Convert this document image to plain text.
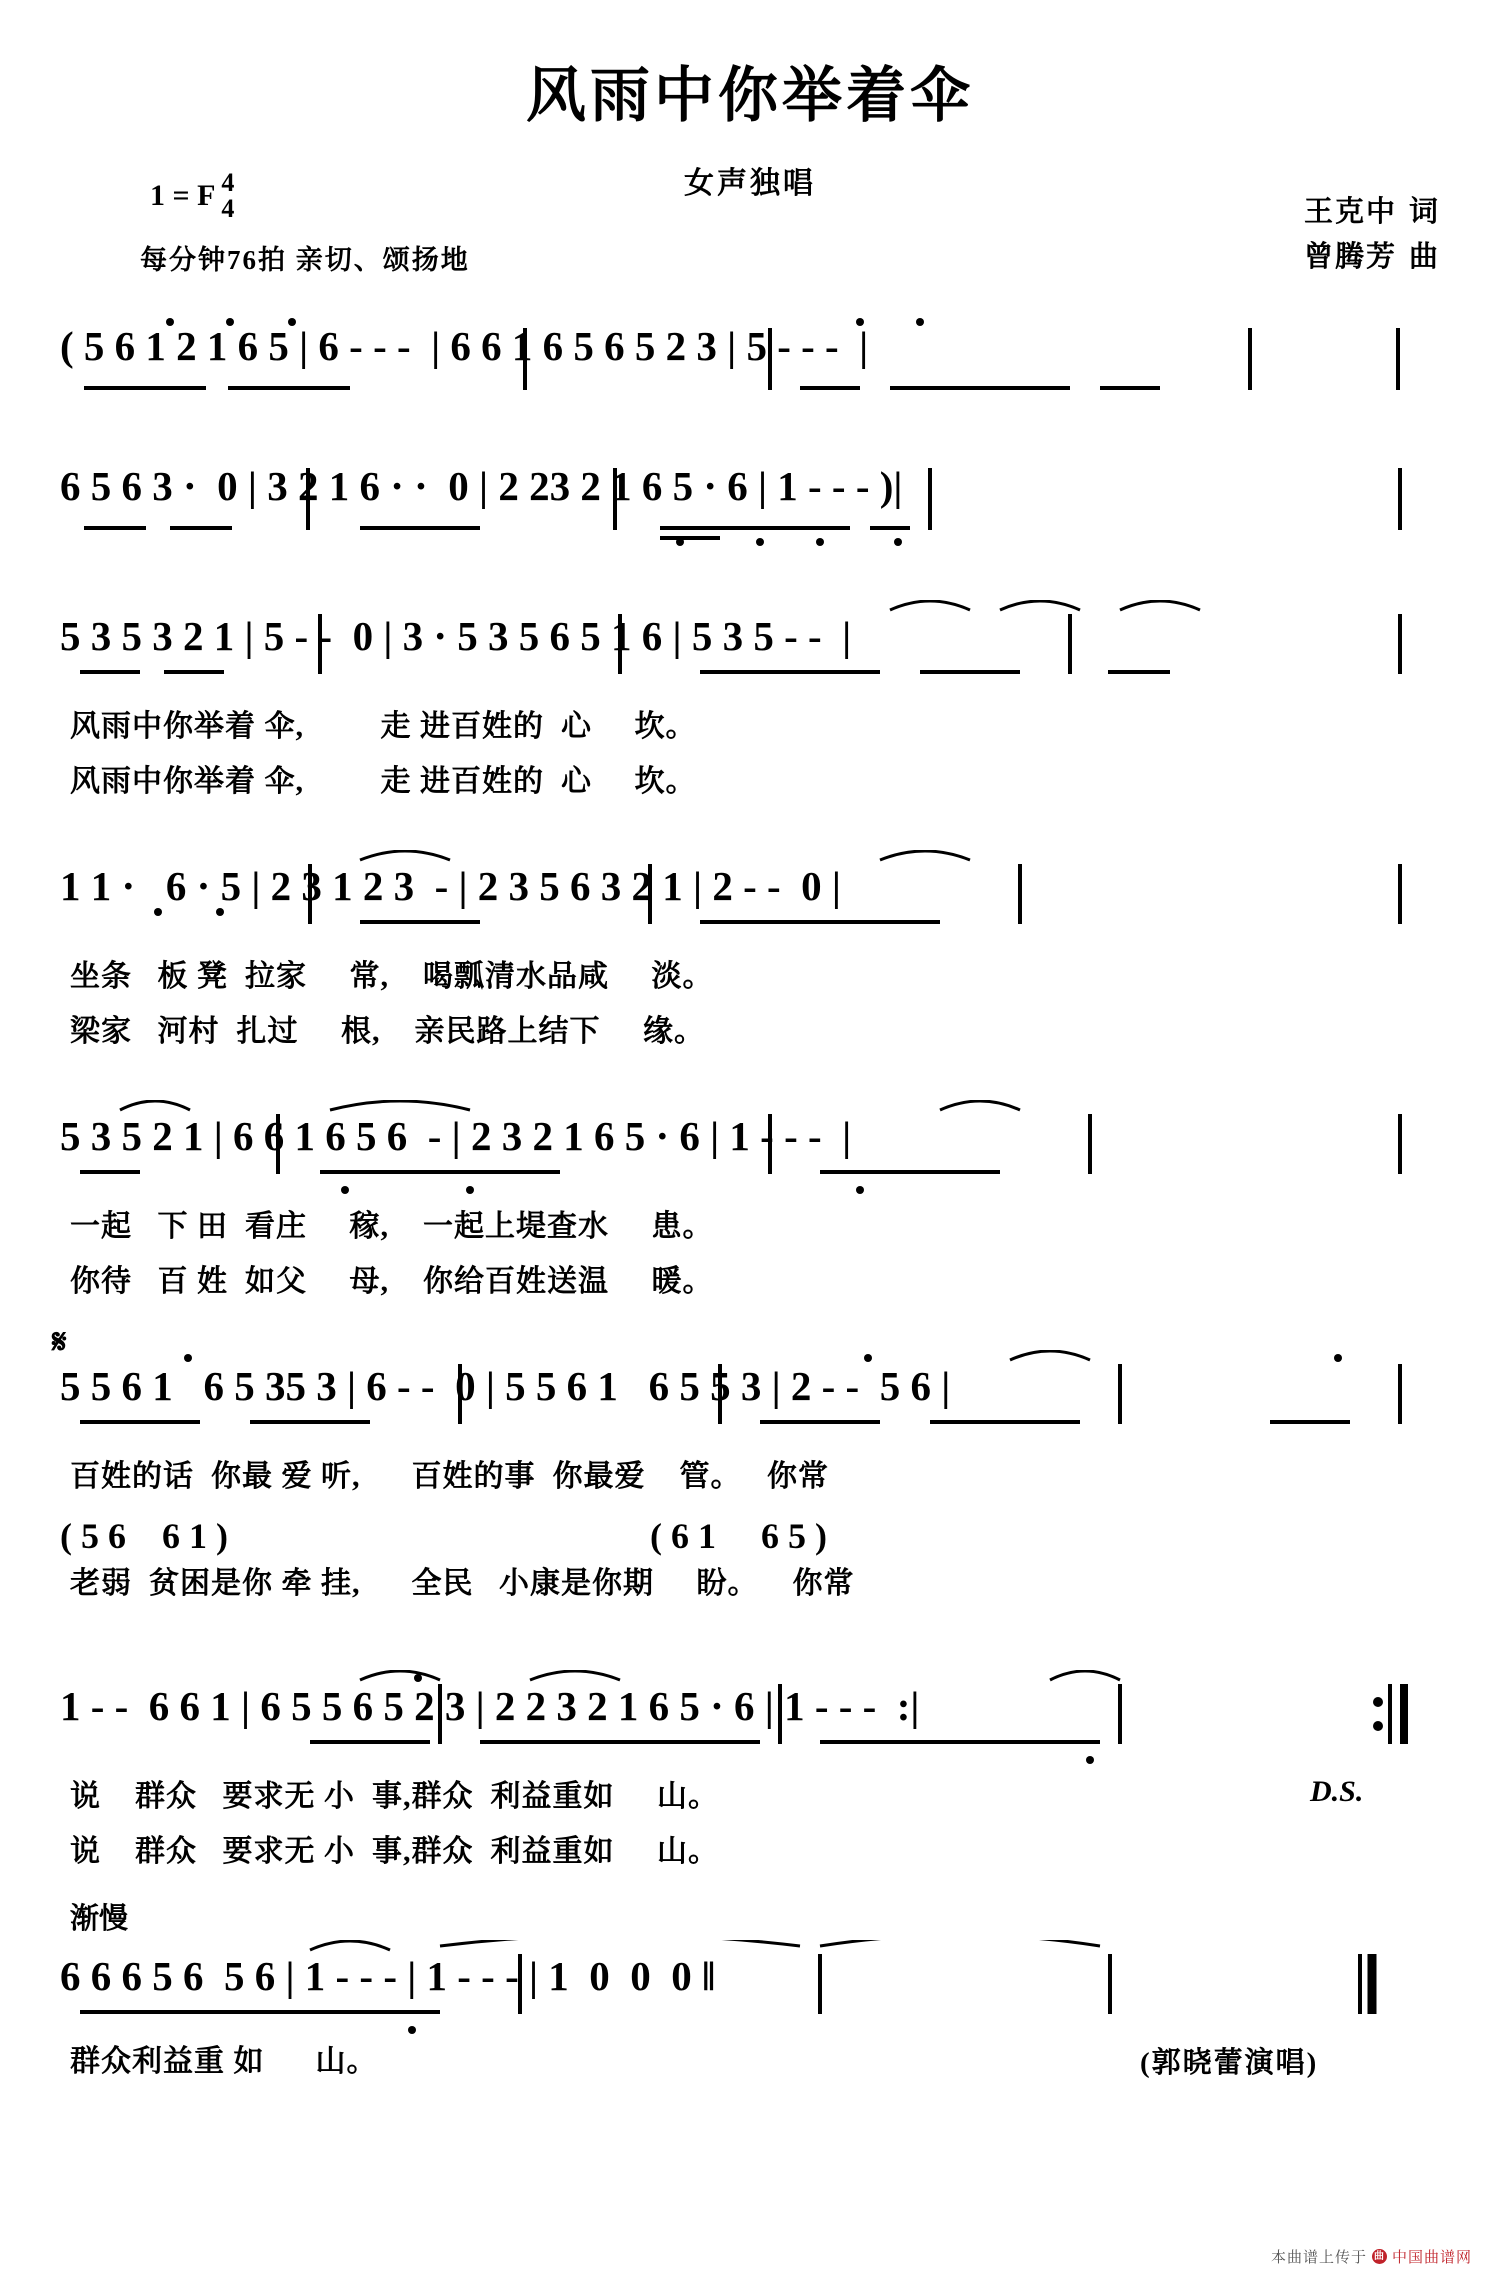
风雨中你举着伞
1 = F 4
4
女声独唱
每分钟76拍 亲切、颂扬地
王克中 词
曾腾芳 曲
( 5 6 1 2 1 6 5 | 6 - - -  | 6 6 1 6 5 6 5 2 3 | 5 - - -  |
6 5 6 3 ·  0 | 3 2 1 6 · ·  0 | 2 23 2 1 6 5 · 6 | 1 - - - )|
5 3 5 3 2 1 | 5 - -  0 | 3 · 5 3 5 6 5 1 6 | 5 3 5 - -  |
风雨中你举着 伞,         走 进百姓的  心     坎。
风雨中你举着 伞,         走 进百姓的  心     坎。
1 1 ·   6 · 5 | 2 3 1 2 3  - | 2 3 5 6 3 2 1 | 2 - -  0 |
坐条   板 凳  拉家     常,    喝瓢清水品咸     淡。
梁家   河村  扎过     根,    亲民路上结下     缘。
5 3 5 2 1 | 6 6 1 6 5 6  - | 2 3 2 1 6 5 · 6 | 1 - - -  |
一起   下 田  看庄     稼,    一起上堤查水     患。
你待   百 姓  如父     母,    你给百姓送温     暖。
𝄋
5 5 6 1   6 5 35 3 | 6 - -  0 | 5 5 6 1   6 5 5 3 | 2 - -  5 6 |
百姓的话  你最 爱 听,      百姓的事  你最爱    管。   你常
( 5 6    6 1 )	( 6 1     6 5 )
老弱  贫困是你 牵 挂,      全民   小康是你期     盼。    你常
1 - -  6 6 1 | 6 5 5 6 5 2 3 | 2 2 3 2 1 6 5 · 6 | 1 - - -  :|
D.S.
说    群众   要求无 小  事,群众  利益重如     山。
说    群众   要求无 小  事,群众  利益重如     山。
渐慢
6 6 6 5 6  5 6 | 1 - - - | 1 - - - | 1  0  0  0 ‖
群众利益重 如      山。	(郭晓蕾演唱)
本曲谱上传于 曲 中国曲谱网
